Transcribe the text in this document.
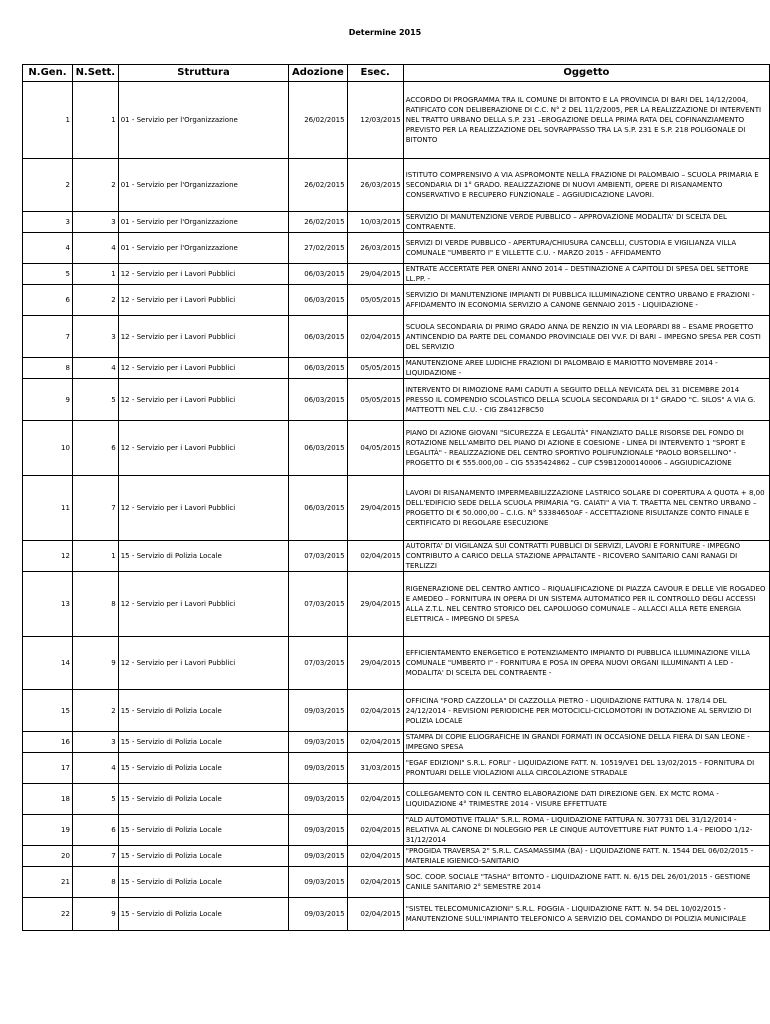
Determine 2015
N.Gen.	N.Sett.	Struttura	Adozione	Esec.	Oggetto
1	1	01 - Servizio per l'Organizzazione	26/02/2015	12/03/2015	ACCORDO DI PROGRAMMA TRA IL COMUNE DI BITONTO E LA PROVINCIA DI BARI DEL 14/12/2004, RATIFICATO CON DELIBERAZIONE DI C.C. N° 2 DEL 11/2/2005, PER LA REALIZZAZIONE DI INTERVENTI NEL TRATTO URBANO DELLA S.P. 231 –EROGAZIONE DELLA PRIMA RATA DEL COFINANZIAMENTO PREVISTO PER LA REALIZZAZIONE DEL SOVRAPPASSO TRA LA S.P. 231 E S.P. 218 POLIGONALE DI BITONTO
2	2	01 - Servizio per l'Organizzazione	26/02/2015	26/03/2015	ISTITUTO COMPRENSIVO A VIA ASPROMONTE NELLA FRAZIONE DI PALOMBAIO – SCUOLA PRIMARIA E SECONDARIA DI 1° GRADO. REALIZZAZIONE DI NUOVI AMBIENTI, OPERE DI RISANAMENTO CONSERVATIVO E RECUPERO FUNZIONALE – AGGIUDICAZIONE LAVORI.
3	3	01 - Servizio per l'Organizzazione	26/02/2015	10/03/2015	SERVIZIO DI MANUTENZIONE VERDE PUBBLICO – APPROVAZIONE MODALITA' DI SCELTA DEL CONTRAENTE.
4	4	01 - Servizio per l'Organizzazione	27/02/2015	26/03/2015	SERVIZI DI VERDE PUBBLICO - APERTURA/CHIUSURA CANCELLI, CUSTODIA E VIGILIANZA VILLA COMUNALE "UMBERTO I" E VILLETTE C.U. - MARZO 2015 - AFFIDAMENTO
5	1	12 - Servizio per i Lavori Pubblici	06/03/2015	29/04/2015	ENTRATE ACCERTATE PER ONERI ANNO 2014 – DESTINAZIONE A CAPITOLI DI SPESA DEL SETTORE LL.PP. -
6	2	12 - Servizio per i Lavori Pubblici	06/03/2015	05/05/2015	SERVIZIO DI MANUTENZIONE IMPIANTI DI PUBBLICA ILLUMINAZIONE CENTRO URBANO E FRAZIONI - AFFIDAMENTO IN ECONOMIA SERVIZIO A CANONE GENNAIO 2015 - LIQUIDAZIONE -
7	3	12 - Servizio per i Lavori Pubblici	06/03/2015	02/04/2015	SCUOLA SECONDARIA DI PRIMO GRADO ANNA DE RENZIO IN VIA LEOPARDI 88 – ESAME PROGETTO ANTINCENDIO DA PARTE DEL COMANDO PROVINCIALE DEI VV.F. DI BARI – IMPEGNO SPESA PER COSTI DEL SERVIZIO
8	4	12 - Servizio per i Lavori Pubblici	06/03/2015	05/05/2015	MANUTENZIONE AREE LUDICHE FRAZIONI DI PALOMBAIO E MARIOTTO NOVEMBRE 2014 - LIQUIDAZIONE -
9	5	12 - Servizio per i Lavori Pubblici	06/03/2015	05/05/2015	INTERVENTO DI RIMOZIONE RAMI CADUTI A SEGUITO DELLA NEVICATA DEL 31 DICEMBRE 2014 PRESSO IL COMPENDIO SCOLASTICO DELLA SCUOLA SECONDARIA DI 1° GRADO "C. SILOS" A VIA G. MATTEOTTI NEL C.U. - CIG Z8412F8C50
10	6	12 - Servizio per i Lavori Pubblici	06/03/2015	04/05/2015	PIANO DI AZIONE GIOVANI "SICUREZZA E LEGALITÀ" FINANZIATO DALLE RISORSE DEL FONDO DI ROTAZIONE NELL'AMBITO DEL PIANO DI AZIONE E COESIONE - LINEA DI INTERVENTO 1 "SPORT E LEGALITÀ" - REALIZZAZIONE DEL CENTRO SPORTIVO POLIFUNZIONALE "PAOLO BORSELLINO" - PROGETTO DI € 555.000,00 – CIG 5535424862 – CUP C59B12000140006 – AGGIUDICAZIONE
11	7	12 - Servizio per i Lavori Pubblici	06/03/2015	29/04/2015	LAVORI DI RISANAMENTO IMPERMEABILIZZAZIONE LASTRICO SOLARE DI COPERTURA A QUOTA + 8,00 DELL'EDIFICIO SEDE DELLA SCUOLA PRIMARIA "G. CAIATI" A VIA T. TRAETTA NEL CENTRO URBANO – PROGETTO DI € 50.000,00 – C.I.G. N° 53384650AF - ACCETTAZIONE RISULTANZE CONTO FINALE E CERTIFICATO DI REGOLARE ESECUZIONE
12	1	15 - Servizio di Polizia Locale	07/03/2015	02/04/2015	AUTORITA' DI VIGILANZA SUI CONTRATTI PUBBLICI DI SERVIZI, LAVORI E FORNITURE - IMPEGNO CONTRIBUTO A CARICO DELLA STAZIONE APPALTANTE - RICOVERO SANITARIO CANI RANAGI DI TERLIZZI
13	8	12 - Servizio per i Lavori Pubblici	07/03/2015	29/04/2015	RIGENERAZIONE DEL CENTRO ANTICO – RIQUALIFICAZIONE DI PIAZZA CAVOUR E DELLE VIE ROGADEO E AMEDEO – FORNITURA IN OPERA DI UN SISTEMA AUTOMATICO PER IL CONTROLLO DEGLI ACCESSI ALLA Z.T.L. NEL CENTRO STORICO DEL CAPOLUOGO COMUNALE – ALLACCI ALLA RETE ENERGIA ELETTRICA – IMPEGNO DI SPESA
14	9	12 - Servizio per i Lavori Pubblici	07/03/2015	29/04/2015	EFFICIENTAMENTO ENERGETICO E POTENZIAMENTO IMPIANTO DI PUBBLICA ILLUMINAZIONE VILLA COMUNALE "UMBERTO I" - FORNITURA E POSA IN OPERA NUOVI ORGANI ILLUMINANTI A LED - MODALITA' DI SCELTA DEL CONTRAENTE -
15	2	15 - Servizio di Polizia Locale	09/03/2015	02/04/2015	OFFICINA "FORD CAZZOLLA" DI CAZZOLLA PIETRO - LIQUIDAZIONE FATTURA N. 178/14 DEL 24/12/2014 - REVISIONI PERIODICHE PER MOTOCICLI-CICLOMOTORI IN DOTAZIONE AL SERVIZIO DI POLIZIA LOCALE
16	3	15 - Servizio di Polizia Locale	09/03/2015	02/04/2015	STAMPA DI COPIE ELIOGRAFICHE IN GRANDI FORMATI IN OCCASIONE DELLA FIERA DI SAN LEONE - IMPEGNO SPESA
17	4	15 - Servizio di Polizia Locale	09/03/2015	31/03/2015	"EGAF EDIZIONI" S.R.L. FORLI' - LIQUIDAZIONE FATT. N. 10519/VE1 DEL 13/02/2015 - FORNITURA DI PRONTUARI DELLE VIOLAZIONI ALLA CIRCOLAZIONE STRADALE
18	5	15 - Servizio di Polizia Locale	09/03/2015	02/04/2015	COLLEGAMENTO CON IL CENTRO ELABORAZIONE DATI DIREZIONE GEN. EX MCTC ROMA - LIQUIDAZIONE 4° TRIMESTRE 2014 - VISURE EFFETTUATE
19	6	15 - Servizio di Polizia Locale	09/03/2015	02/04/2015	"ALD AUTOMOTIVE ITALIA" S.R.L. ROMA - LIQUIDAZIONE FATTURA N. 307731 DEL 31/12/2014 - RELATIVA AL CANONE DI NOLEGGIO PER LE CINQUE AUTOVETTURE FIAT PUNTO 1.4 - PEIODO 1/12-31/12/2014
20	7	15 - Servizio di Polizia Locale	09/03/2015	02/04/2015	"PROGIDA TRAVERSA 2" S.R.L. CASAMASSIMA (BA) - LIQUIDAZIONE FATT. N. 1544 DEL 06/02/2015 - MATERIALE IGIENICO-SANITARIO
21	8	15 - Servizio di Polizia Locale	09/03/2015	02/04/2015	SOC. COOP. SOCIALE "TASHA" BITONTO - LIQUIDAZIONE FATT. N. 6/15 DEL 26/01/2015 - GESTIONE CANILE SANITARIO 2° SEMESTRE 2014
22	9	15 - Servizio di Polizia Locale	09/03/2015	02/04/2015	"SISTEL TELECOMUNICAZIONI" S.R.L. FOGGIA - LIQUIDAZIONE FATT. N. 54 DEL 10/02/2015 - MANUTENZIONE SULL'IMPIANTO TELEFONICO A SERVIZIO DEL COMANDO DI POLIZIA MUNICIPALE
